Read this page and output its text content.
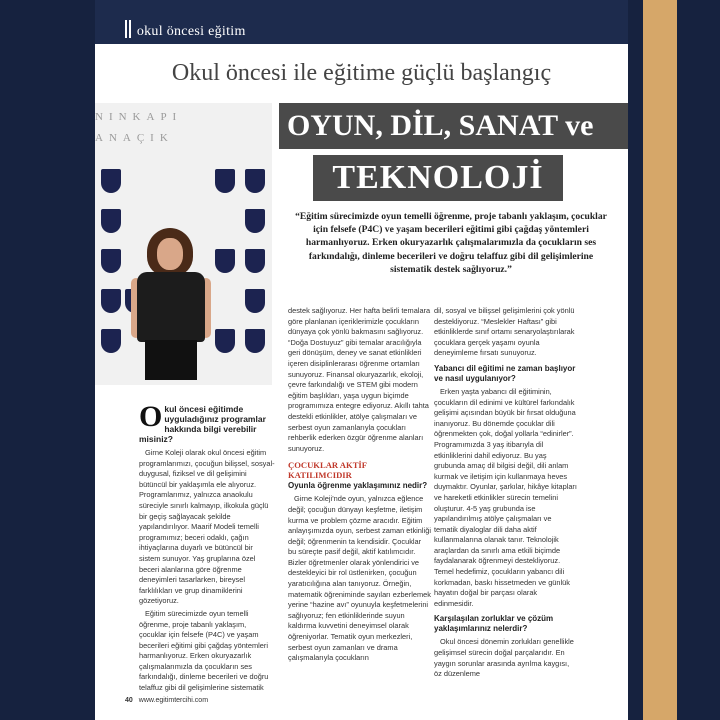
okul öncesi eğitim
Okul öncesi ile eğitime güçlü başlangıç
NINKAPI
ANAÇIK	OYUN, DİL, SANAT ve
TEKNOLOJİ
“Eğitim sürecimizde oyun temelli öğrenme, proje tabanlı yaklaşım, çocuklar için felsefe (P4C) ve yaşam becerileri eğitimi gibi çağdaş yöntemleri harmanlıyoruz. Erken okuryazarlık çalışmalarımızla da çocukların ses farkındalığı, dinleme becerileri ve doğru telaffuz gibi dil gelişimlerine sistematik destek sağlıyoruz.”
Okul öncesi eğitimde uyguladığınız programlar hakkında bilgi verebilir misiniz?

Girne Koleji olarak okul öncesi eğitim programlarımızı, çocuğun bilişsel, sosyal-duygusal, fiziksel ve dil gelişimini bütüncül bir yaklaşımla ele alıyoruz. Programlarımız, yalnızca anaokulu süreciyle sınırlı kalmayıp, ilkokula güçlü bir geçiş sağlayacak şekilde yapılandırılıyor. Maarif Modeli temelli programımız; beceri odaklı, çağın ihtiyaçlarına duyarlı ve bütüncül bir sistem sunuyor. Yaş gruplarına özel beceri alanlarına göre öğrenme deneyimleri tasarlarken, bireysel farklılıkları ve grup dinamiklerini gözetiyoruz.

Eğitim sürecimizde oyun temelli öğrenme, proje tabanlı yaklaşım, çocuklar için felsefe (P4C) ve yaşam becerileri eğitimi gibi çağdaş yöntemleri harmanlıyoruz. Erken okuryazarlık çalışmalarımızla da çocukların ses farkındalığı, dinleme becerileri ve doğru telaffuz gibi dil gelişimlerine sistematik

destek sağlıyoruz. Her hafta belirli temalara göre planlanan içeriklerimizle çocukların dünyaya çok yönlü bakmasını sağlıyoruz. “Doğa Dostuyuz” gibi temalar aracılığıyla geri dönüşüm, deney ve sanat etkinlikleri içeren disiplinlerarası öğrenme ortamları sunuyoruz. Finansal okuryazarlık, ekoloji, çevre farkındalığı ve STEM gibi modern eğitim başlıkları, yaşa uygun biçimde programımıza entegre ediyoruz. Akıllı tahta destekli etkinlikler, atölye çalışmaları ve serbest oyun zamanlarıyla çocukları rehberlik ederken özgür öğrenme alanları sunuyoruz.

ÇOCUKLAR AKTİF
KATILIMCIDIR
Oyunla öğrenme yaklaşımınız nedir?

Girne Koleji'nde oyun, yalnızca eğlence değil; çocuğun dünyayı keşfetme, iletişim kurma ve problem çözme aracıdır. Eğitim anlayışımızda oyun, serbest zaman etkinliği değil; öğrenmenin ta kendisidir. Çocuklar bu süreçte pasif değil, aktif katılımcıdır. Bizler öğretmenler olarak yönlendirici ve destekleyici bir rol üstlenirken, çocuğun yaratıcılığına alan tanıyoruz. Örneğin, matematik öğreniminde sayıları ezberlemek yerine “hazine avı” oyunuyla keşfetmelerini sağlıyoruz; fen etkinliklerinde suyun kaldırma kuvvetini deneyimsel olarak öğreniyorlar. Tematik oyun merkezleri, serbest oyun zamanları ve drama çalışmalarıyla çocukların

dil, sosyal ve bilişsel gelişimlerini çok yönlü destekliyoruz. “Meslekler Haftası” gibi etkinliklerde sınıf ortamı senaryolaştırılarak çocuklara gerçek yaşamı oyunla deneyimleme fırsatı sunuyoruz.

Yabancı dil eğitimi ne zaman başlıyor ve nasıl uygulanıyor?

Erken yaşta yabancı dil eğitiminin, çocukların dil edinimi ve kültürel farkındalık gelişimi açısından büyük bir fırsat olduğuna inanıyoruz. Bu dönemde çocuklar dili öğrenmekten çok, doğal yollarla “edinirler”. Programımızda 3 yaş itibarıyla dil etkinliklerini dahil ediyoruz. Bu yaş grubunda amaç dil bilgisi değil, dili anlam kurmak ve iletişim için kullanmaya heves duymaktır. Oyunlar, şarkılar, hikâye kitapları ve hareketli etkinlikler sürecin temelini oluşturur. 4-5 yaş grubunda ise yapılandırılmış atölye çalışmaları ve tematik diyaloglar dili daha aktif kullanmalarına olanak tanır. Teknolojik araçlardan da sınırlı ama etkili biçimde faydalanarak öğrenmeyi destekliyoruz. Temel hedefimiz, çocukların yabancı dili korkmadan, baskı hissetmeden ve günlük hayatın doğal bir parçası olarak edinmesidir.

Karşılaşılan zorluklar ve çözüm yaklaşımlarınız nelerdir?

Okul öncesi dönemin zorlukları genellikle gelişimsel sürecin doğal parçalarıdır. En yaygın sorunlar arasında ayrılma kaygısı, öz düzenleme

40 www.egitimtercihi.com
